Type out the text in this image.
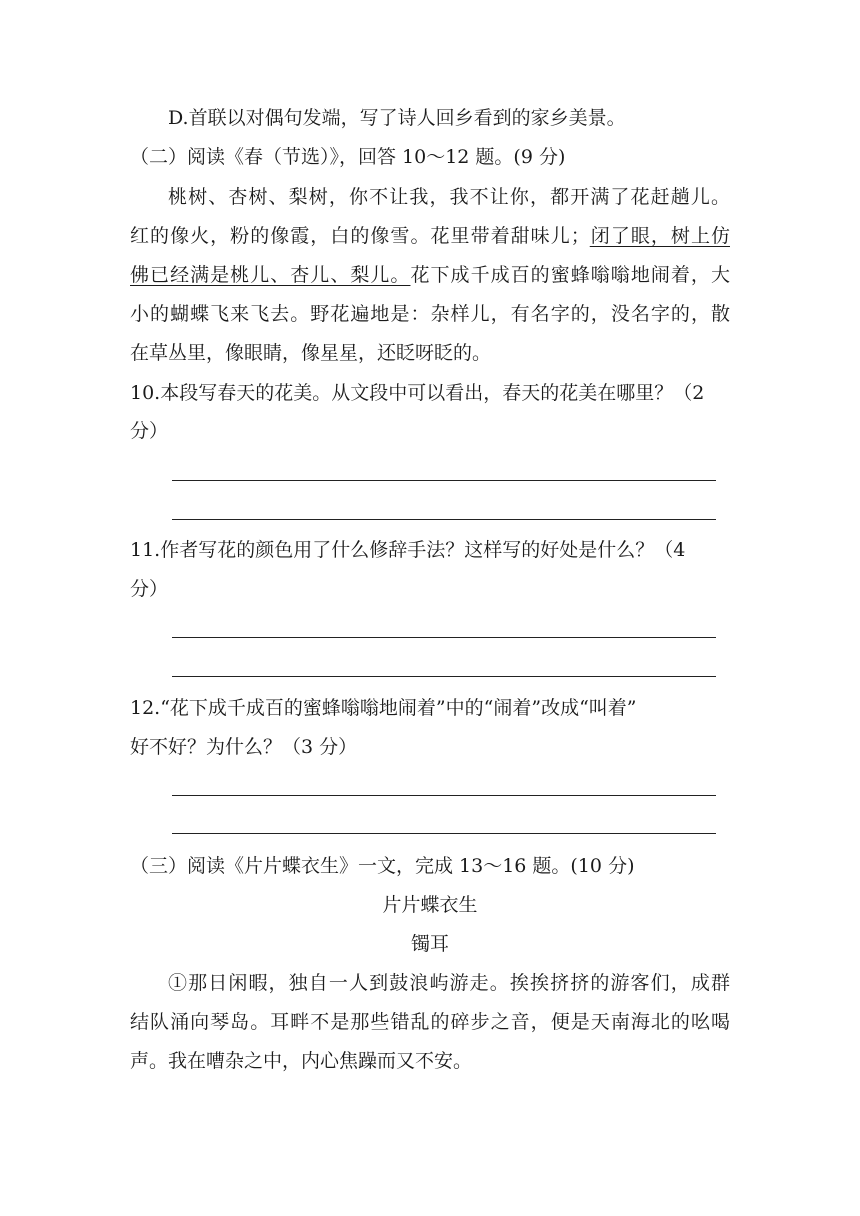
D.首联以对偶句发端，写了诗人回乡看到的家乡美景。
（二）阅读《春（节选）》，回答 10～12 题。(9 分)
桃树、杏树、梨树，你不让我，我不让你，都开满了花赶趟儿。
红的像火，粉的像霞，白的像雪。花里带着甜味儿；闭了眼，树上仿
佛已经满是桃儿、杏儿、梨儿。花下成千成百的蜜蜂嗡嗡地闹着，大
小的蝴蝶飞来飞去。野花遍地是：杂样儿，有名字的，没名字的，散
在草丛里，像眼睛，像星星，还眨呀眨的。
10.本段写春天的花美。从文段中可以看出，春天的花美在哪里？（2
分）
11.作者写花的颜色用了什么修辞手法？这样写的好处是什么？（4
分）
12.“花下成千成百的蜜蜂嗡嗡地闹着”中的“闹着”改成“叫着”
好不好？为什么？（3 分）
（三）阅读《片片蝶衣生》一文，完成 13～16 题。(10 分)
片片蝶衣生
镯耳
①那日闲暇，独自一人到鼓浪屿游走。挨挨挤挤的游客们，成群
结队涌向琴岛。耳畔不是那些错乱的碎步之音，便是天南海北的吆喝
声。我在嘈杂之中，内心焦躁而又不安。
